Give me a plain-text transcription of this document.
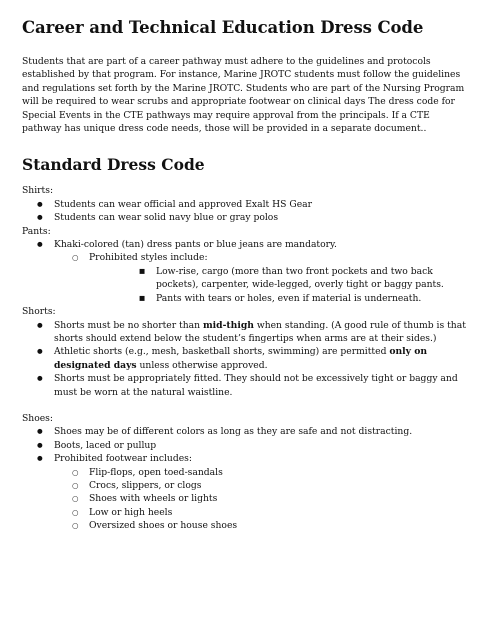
Career and Technical Education Dress Code

Students that are part of a career pathway must adhere to the guidelines and protocols established by that program. For instance, Marine JROTC students must follow the guidelines and regulations set forth by the Marine JROTC. Students who are part of the Nursing Program will be required to wear scrubs and appropriate footwear on clinical days The dress code for Special Events in the CTE pathways may require approval from the principals. If a CTE pathway has unique dress code needs, those will be provided in a separate document..

Standard Dress Code
Shirts:
● Students can wear official and approved Exalt HS Gear
● Students can wear solid navy blue or gray polos
Pants:
● Khaki-colored (tan) dress pants or blue jeans are mandatory.
○ Prohibited styles include:
■ Low-rise, cargo (more than two front pockets and two back pockets), carpenter, wide-legged, overly tight or baggy pants.
■ Pants with tears or holes, even if material is underneath.
Shorts:
● Shorts must be no shorter than mid-thigh when standing. (A good rule of thumb is that shorts should extend below the student’s fingertips when arms are at their sides.)
● Athletic shorts (e.g., mesh, basketball shorts, swimming) are permitted only on designated days unless otherwise approved.
● Shorts must be appropriately fitted. They should not be excessively tight or baggy and must be worn at the natural waistline.
Shoes:
● Shoes may be of different colors as long as they are safe and not distracting.
● Boots, laced or pullup
● Prohibited footwear includes:
○ Flip-flops, open toed-sandals
○ Crocs, slippers, or clogs
○ Shoes with wheels or lights
○ Low or high heels
○ Oversized shoes or house shoes
